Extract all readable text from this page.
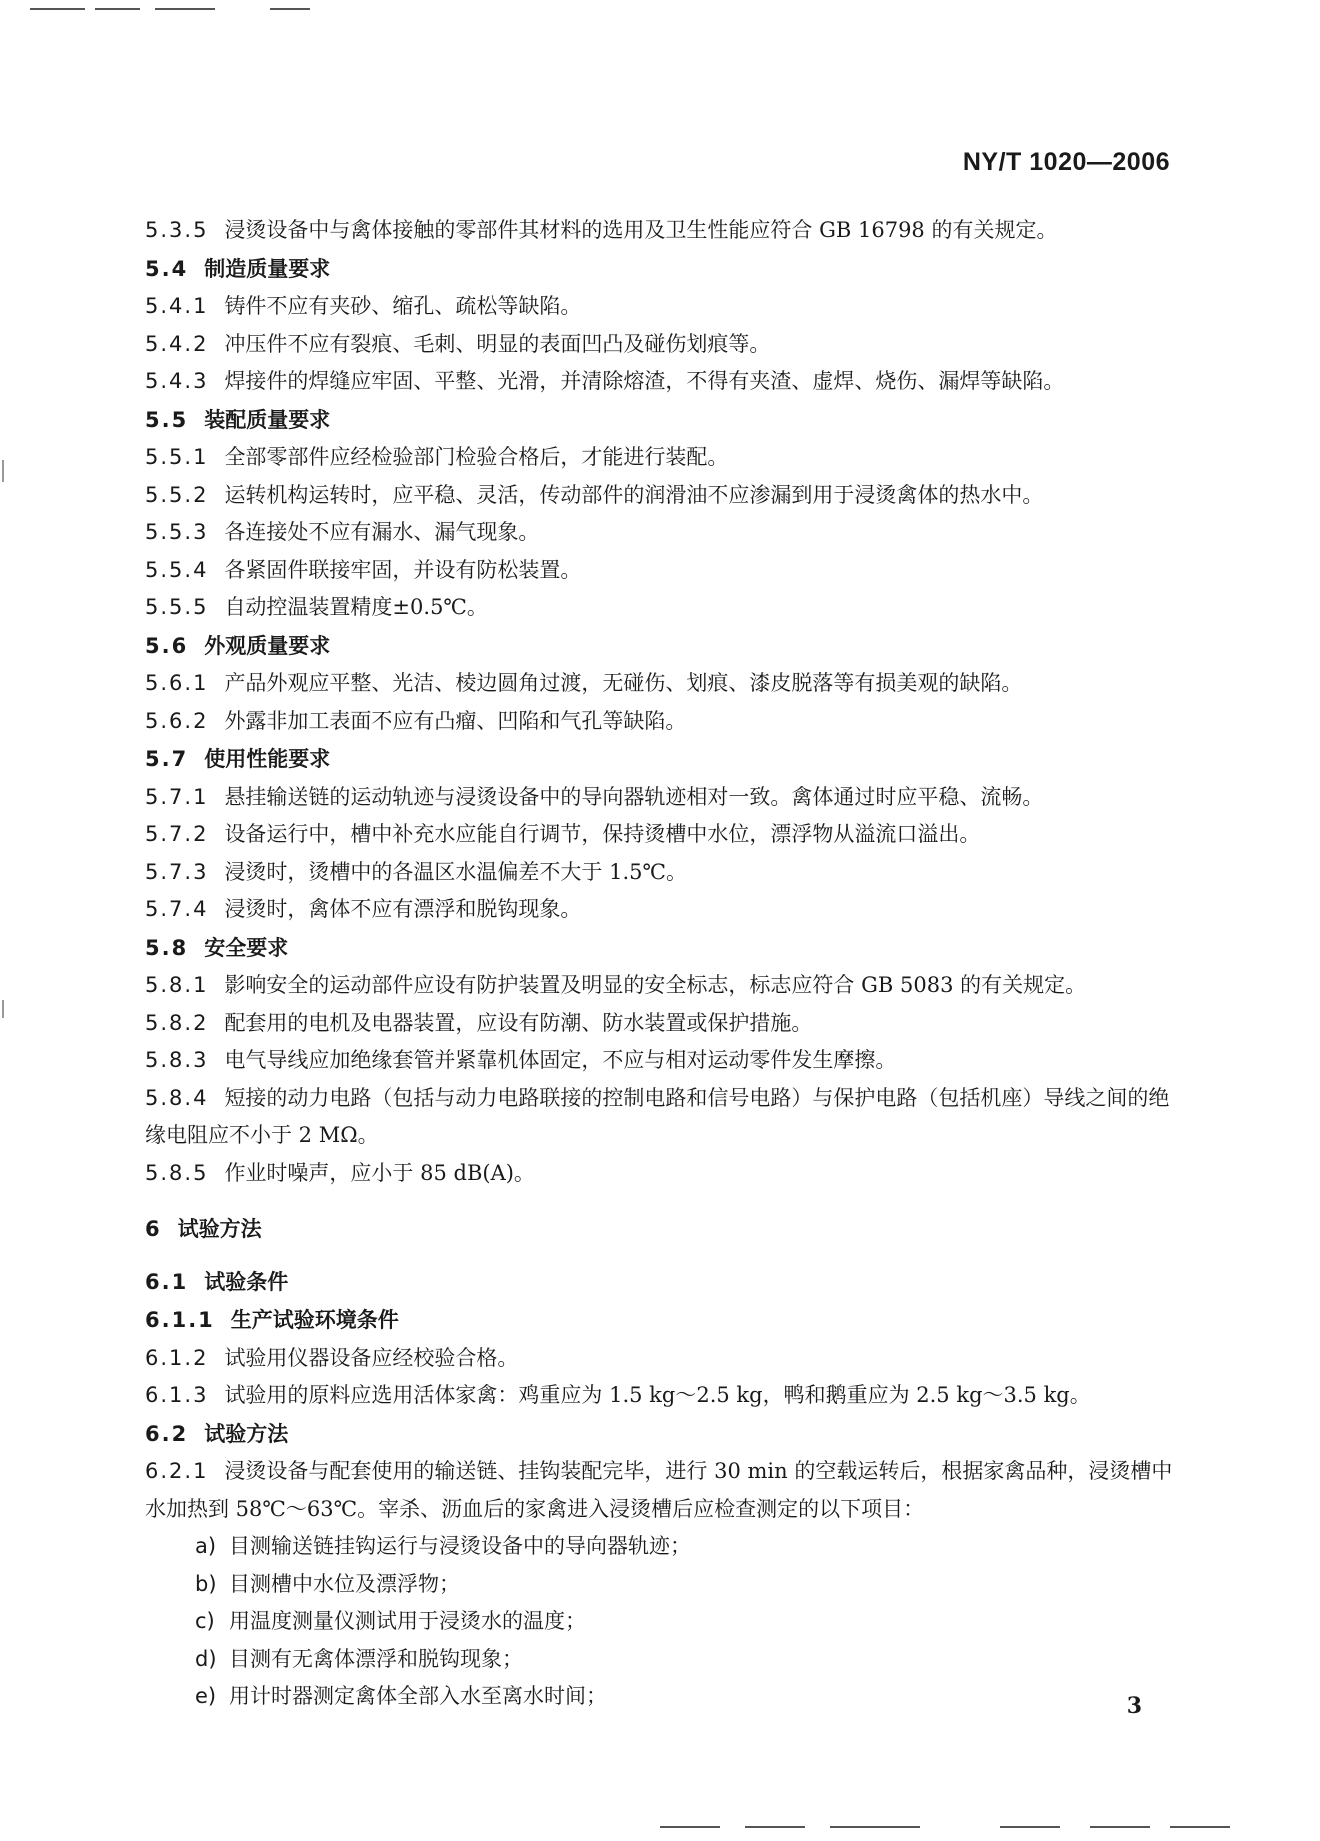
NY/T 1020—2006
5.3.5 浸烫设备中与禽体接触的零部件其材料的选用及卫生性能应符合 GB 16798 的有关规定。
5.4 制造质量要求
5.4.1 铸件不应有夹砂、缩孔、疏松等缺陷。
5.4.2 冲压件不应有裂痕、毛刺、明显的表面凹凸及碰伤划痕等。
5.4.3 焊接件的焊缝应牢固、平整、光滑，并清除熔渣，不得有夹渣、虚焊、烧伤、漏焊等缺陷。
5.5 装配质量要求
5.5.1 全部零部件应经检验部门检验合格后，才能进行装配。
5.5.2 运转机构运转时，应平稳、灵活，传动部件的润滑油不应渗漏到用于浸烫禽体的热水中。
5.5.3 各连接处不应有漏水、漏气现象。
5.5.4 各紧固件联接牢固，并设有防松装置。
5.5.5 自动控温装置精度±0.5℃。
5.6 外观质量要求
5.6.1 产品外观应平整、光洁、棱边圆角过渡，无碰伤、划痕、漆皮脱落等有损美观的缺陷。
5.6.2 外露非加工表面不应有凸瘤、凹陷和气孔等缺陷。
5.7 使用性能要求
5.7.1 悬挂输送链的运动轨迹与浸烫设备中的导向器轨迹相对一致。禽体通过时应平稳、流畅。
5.7.2 设备运行中，槽中补充水应能自行调节，保持烫槽中水位，漂浮物从溢流口溢出。
5.7.3 浸烫时，烫槽中的各温区水温偏差不大于 1.5℃。
5.7.4 浸烫时，禽体不应有漂浮和脱钩现象。
5.8 安全要求
5.8.1 影响安全的运动部件应设有防护装置及明显的安全标志，标志应符合 GB 5083 的有关规定。
5.8.2 配套用的电机及电器装置，应设有防潮、防水装置或保护措施。
5.8.3 电气导线应加绝缘套管并紧靠机体固定，不应与相对运动零件发生摩擦。
5.8.4 短接的动力电路（包括与动力电路联接的控制电路和信号电路）与保护电路（包括机座）导线之间的绝缘电阻应不小于 2 MΩ。
5.8.5 作业时噪声，应小于 85 dB(A)。
6 试验方法
6.1 试验条件
6.1.1 生产试验环境条件
6.1.2 试验用仪器设备应经校验合格。
6.1.3 试验用的原料应选用活体家禽：鸡重应为 1.5 kg～2.5 kg，鸭和鹅重应为 2.5 kg～3.5 kg。
6.2 试验方法
6.2.1 浸烫设备与配套使用的输送链、挂钩装配完毕，进行 30 min 的空载运转后，根据家禽品种，浸烫槽中水加热到 58℃～63℃。宰杀、沥血后的家禽进入浸烫槽后应检查测定的以下项目：
a) 目测输送链挂钩运行与浸烫设备中的导向器轨迹；
b) 目测槽中水位及漂浮物；
c) 用温度测量仪测试用于浸烫水的温度；
d) 目测有无禽体漂浮和脱钩现象；
e) 用计时器测定禽体全部入水至离水时间；	3
